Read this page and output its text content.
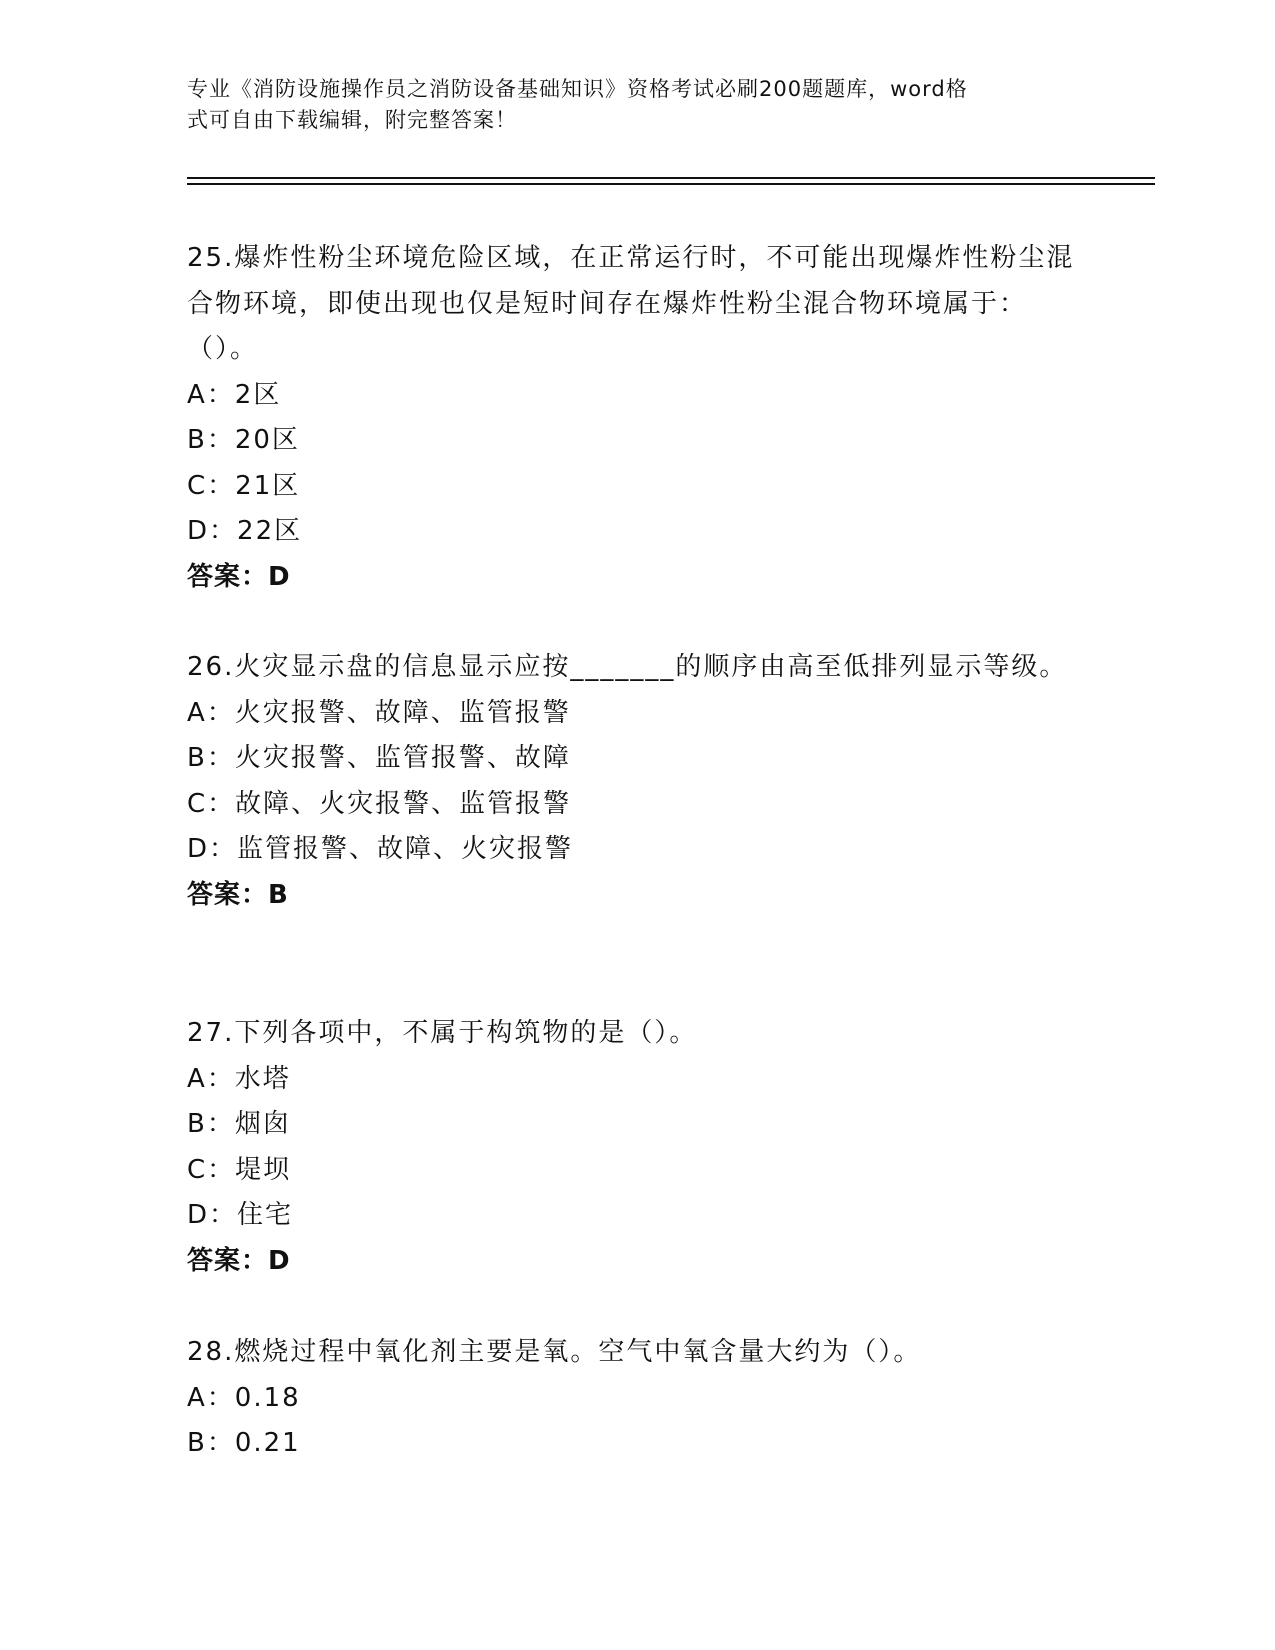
专业《消防设施操作员之消防设备基础知识》资格考试必刷200题题库，word格
式可自由下载编辑，附完整答案！
25.爆炸性粉尘环境危险区域，在正常运行时，不可能出现爆炸性粉尘混合物环境，即使出现也仅是短时间存在爆炸性粉尘混合物环境属于：（）。
A：2区
B：20区
C：21区
D：22区
答案：D
26.火灾显示盘的信息显示应按_______的顺序由高至低排列显示等级。
A：火灾报警、故障、监管报警
B：火灾报警、监管报警、故障
C：故障、火灾报警、监管报警
D：监管报警、故障、火灾报警
答案：B
27.下列各项中，不属于构筑物的是（）。
A：水塔
B：烟囱
C：堤坝
D：住宅
答案：D
28.燃烧过程中氧化剂主要是氧。空气中氧含量大约为（）。
A：0.18
B：0.21
